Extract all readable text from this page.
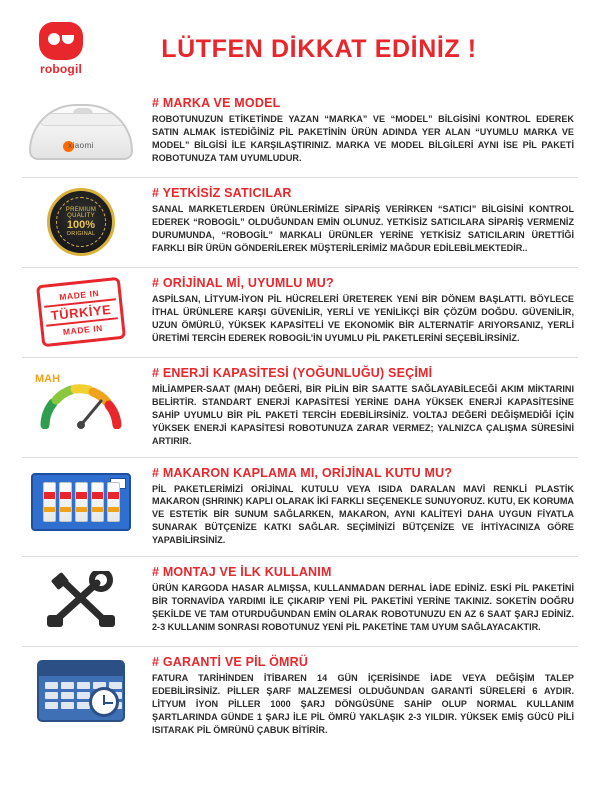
robogil
LÜTFEN DİKKAT EDİNİZ !
xiaomi
# MARKA VE MODEL
ROBOTUNUZUN ETİKETİNDE YAZAN “MARKA” VE “MODEL” BİLGİSİNİ KONTROL EDEREK SATIN ALMAK İSTEDİĞİNİZ PİL PAKETİNİN ÜRÜN ADINDA YER ALAN “UYUMLU MARKA VE MODEL” BİLGİSİ İLE KARŞILAŞTIRINIZ. MARKA VE MODEL BİLGİLERİ AYNI İSE PİL PAKETİ ROBOTUNUZA TAM UYUMLUDUR.
PREMIUM QUALITY
100%
ORIGINAL
# YETKİSİZ SATICILAR
SANAL MARKETLERDEN ÜRÜNLERİMİZE SİPARİŞ VERİRKEN “SATICI” BİLGİSİNİ KONTROL EDEREK “ROBOGİL” OLDUĞUNDAN EMİN OLUNUZ. YETKİSİZ SATICILARA SİPARİŞ VERMENİZ DURUMUNDA, “ROBOGİL” MARKALI ÜRÜNLER YERİNE YETKİSİZ SATICILARIN ÜRETTİĞİ FARKLI BİR ÜRÜN GÖNDERİLEREK MÜŞTERİLERİMİZ MAĞDUR EDİLEBİLMEKTEDİR..
MADE IN
TÜRKİYE
MADE IN
# ORİJİNAL Mİ, UYUMLU MU?
ASPİLSAN, LİTYUM-İYON PİL HÜCRELERİ ÜRETEREK YENİ BİR DÖNEM BAŞLATTI. BÖYLECE İTHAL ÜRÜNLERE KARŞI GÜVENİLİR, YERLİ VE YENİLİKÇİ BİR ÇÖZÜM DOĞDU. GÜVENİLİR, UZUN ÖMÜRLÜ, YÜKSEK KAPASİTELİ VE EKONOMİK BİR ALTERNATİF ARIYORSANIZ, YERLİ ÜRETİMİ TERCİH EDEREK ROBOGİL’İN UYUMLU PİL PAKETLERİNİ SEÇEBİLİRSİNİZ.
MAH	# ENERJİ KAPASİTESİ (YOĞUNLUĞU) SEÇİMİ
MİLİAMPER-SAAT (MAH) DEĞERİ, BİR PİLİN BİR SAATTE SAĞLAYABİLECEĞİ AKIM MİKTARINI BELİRTİR. STANDART ENERJİ KAPASİTESİ YERİNE DAHA YÜKSEK ENERJİ KAPASİTESİNE SAHİP UYUMLU BİR PİL PAKETİ TERCİH EDEBİLİRSİNİZ. VOLTAJ DEĞERİ DEĞİŞMEDİĞİ İÇİN YÜKSEK ENERJİ KAPASİTESİ ROBOTUNUZA ZARAR VERMEZ; YALNIZCA ÇALIŞMA SÜRESİNİ ARTIRIR.
# MAKARON KAPLAMA MI, ORİJİNAL KUTU MU?
PİL PAKETLERİMİZİ ORİJİNAL KUTULU VEYA ISIDA DARALAN MAVİ RENKLİ PLASTİK MAKARON (SHRINK) KAPLI OLARAK İKİ FARKLI SEÇENEKLE SUNUYORUZ. KUTU, EK KORUMA VE ESTETİK BİR SUNUM SAĞLARKEN, MAKARON, AYNI KALİTEYİ DAHA UYGUN FİYATLA SUNARAK BÜTÇENİZE KATKI SAĞLAR. SEÇİMİNİZİ BÜTÇENİZE VE İHTİYACINIZA GÖRE YAPABİLİRSİNİZ.
# MONTAJ VE İLK KULLANIM
ÜRÜN KARGODA HASAR ALMIŞSA, KULLANMADAN DERHAL İADE EDİNİZ. ESKİ PİL PAKETİNİ BİR TORNAVİDA YARDIMI İLE ÇIKARIP YENİ PİL PAKETİNİ YERİNE TAKINIZ. SOKETİN DOĞRU ŞEKİLDE VE TAM OTURDUĞUNDAN EMİN OLARAK ROBOTUNUZU EN AZ 6 SAAT ŞARJ EDİNİZ. 2-3 KULLANIM SONRASI ROBOTUNUZ YENİ PİL PAKETİNE TAM UYUM SAĞLAYACAKTIR.
# GARANTİ VE PİL ÖMRÜ
FATURA TARİHİNDEN İTİBAREN 14 GÜN İÇERİSİNDE İADE VEYA DEĞİŞİM TALEP EDEBİLİRSİNİZ. PİLLER ŞARF MALZEMESİ OLDUĞUNDAN GARANTİ SÜRELERİ 6 AYDIR. LİTYUM İYON PİLLER 1000 ŞARJ DÖNGÜSÜNE SAHİP OLUP NORMAL KULLANIM ŞARTLARINDA GÜNDE 1 ŞARJ İLE PİL ÖMRÜ YAKLAŞIK 2-3 YILDIR. YÜKSEK EMİŞ GÜCÜ PİLİ ISITARAK PİL ÖMRÜNÜ ÇABUK BİTİRİR.
